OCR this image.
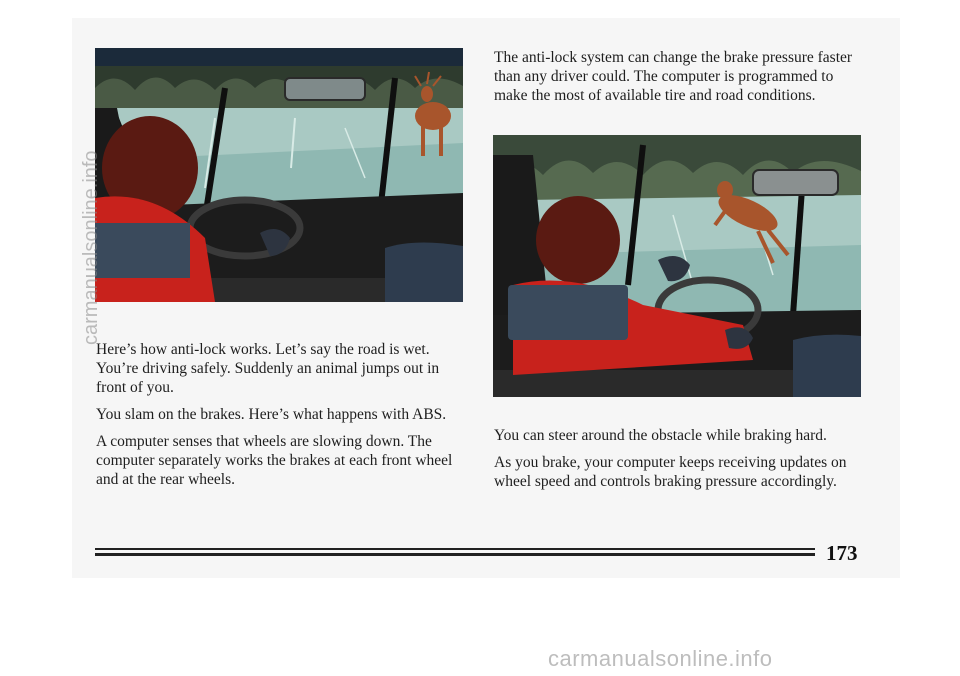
The anti-lock system can change the brake pressure faster than any driver could. The computer is programmed to make the most of available tire and road conditions.

Here’s how anti-lock works. Let’s say the road is wet. You’re driving safely. Suddenly an animal jumps out in front of you.

You slam on the brakes. Here’s what happens with ABS.

A computer senses that wheels are slowing down. The computer separately works the brakes at each front wheel and at the rear wheels.

You can steer around the obstacle while braking hard.

As you brake, your computer keeps receiving updates on wheel speed and controls braking pressure accordingly.

carmanualsonline.info
173
carmanualsonline.info
